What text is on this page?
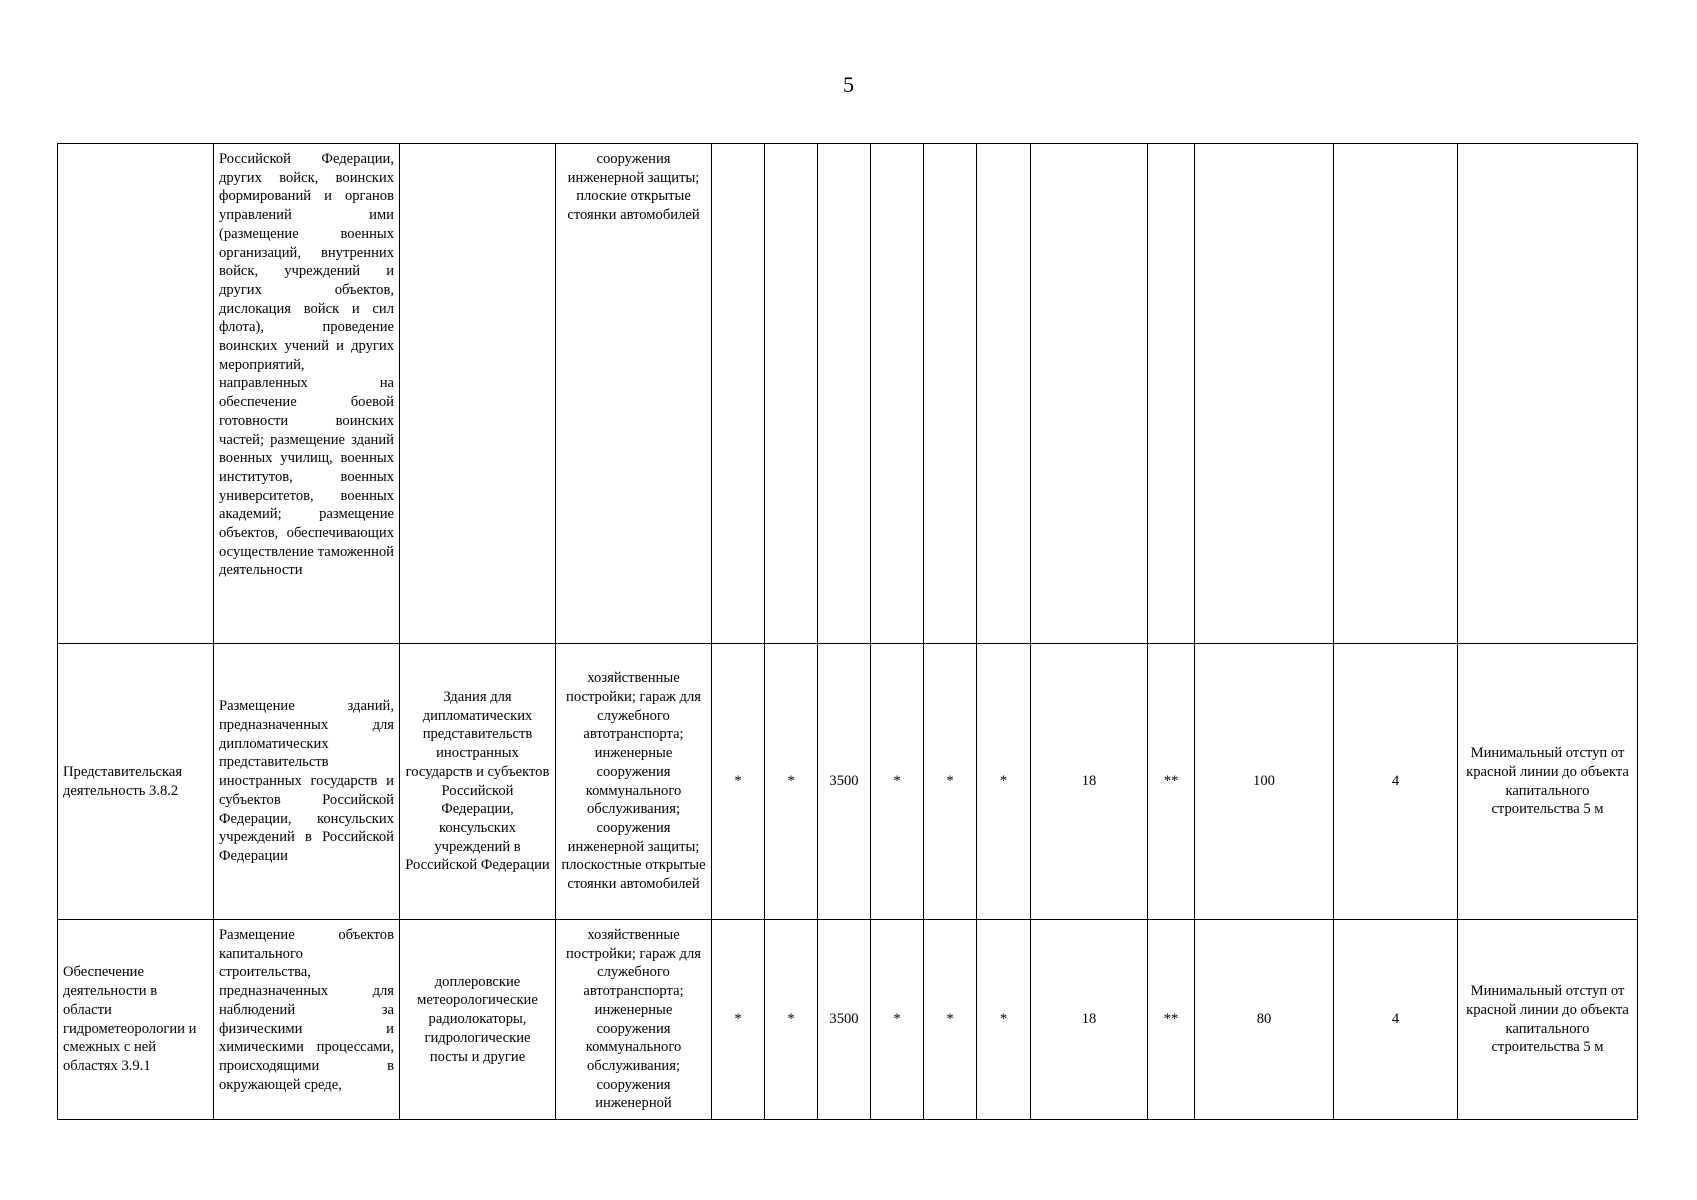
5
	Российской Федерации, других войск, воинских формирований и органов управлений ими (размещение военных организаций, внутренних войск, учреждений и других объектов, дислокация войск и сил флота), проведение воинских учений и других мероприятий, направленных на обеспечение боевой готовности воинских частей; размещение зданий военных училищ, военных институтов, военных университетов, военных академий; размещение объектов, обеспечивающих осуществление таможенной деятельности		сооружения инженерной защиты; плоские открытые стоянки автомобилей											
Представительская деятельность 3.8.2	Размещение зданий, предназначенных для дипломатических представительств иностранных государств и субъектов Российской Федерации, консульских учреждений в Российской Федерации	Здания для дипломатических представительств иностранных государств и субъектов Российской Федерации, консульских учреждений в Российской Федерации	хозяйственные постройки; гараж для служебного автотранспорта; инженерные сооружения коммунального обслуживания; сооружения инженерной защиты; плоскостные открытые стоянки автомобилей	*	*	3500	*	*	*	18	**	100	4	Минимальный отступ от красной линии до объекта капитального строительства 5 м
Обеспечение деятельности в области гидрометеорологии и смежных с ней областях 3.9.1	Размещение объектов капитального строительства, предназначенных для наблюдений за физическими и химическими процессами, происходящими в окружающей среде,	доплеровские метеорологические радиолокаторы, гидрологические посты и другие	хозяйственные постройки; гараж для служебного автотранспорта; инженерные сооружения коммунального обслуживания; сооружения инженерной	*	*	3500	*	*	*	18	**	80	4	Минимальный отступ от красной линии до объекта капитального строительства 5 м
